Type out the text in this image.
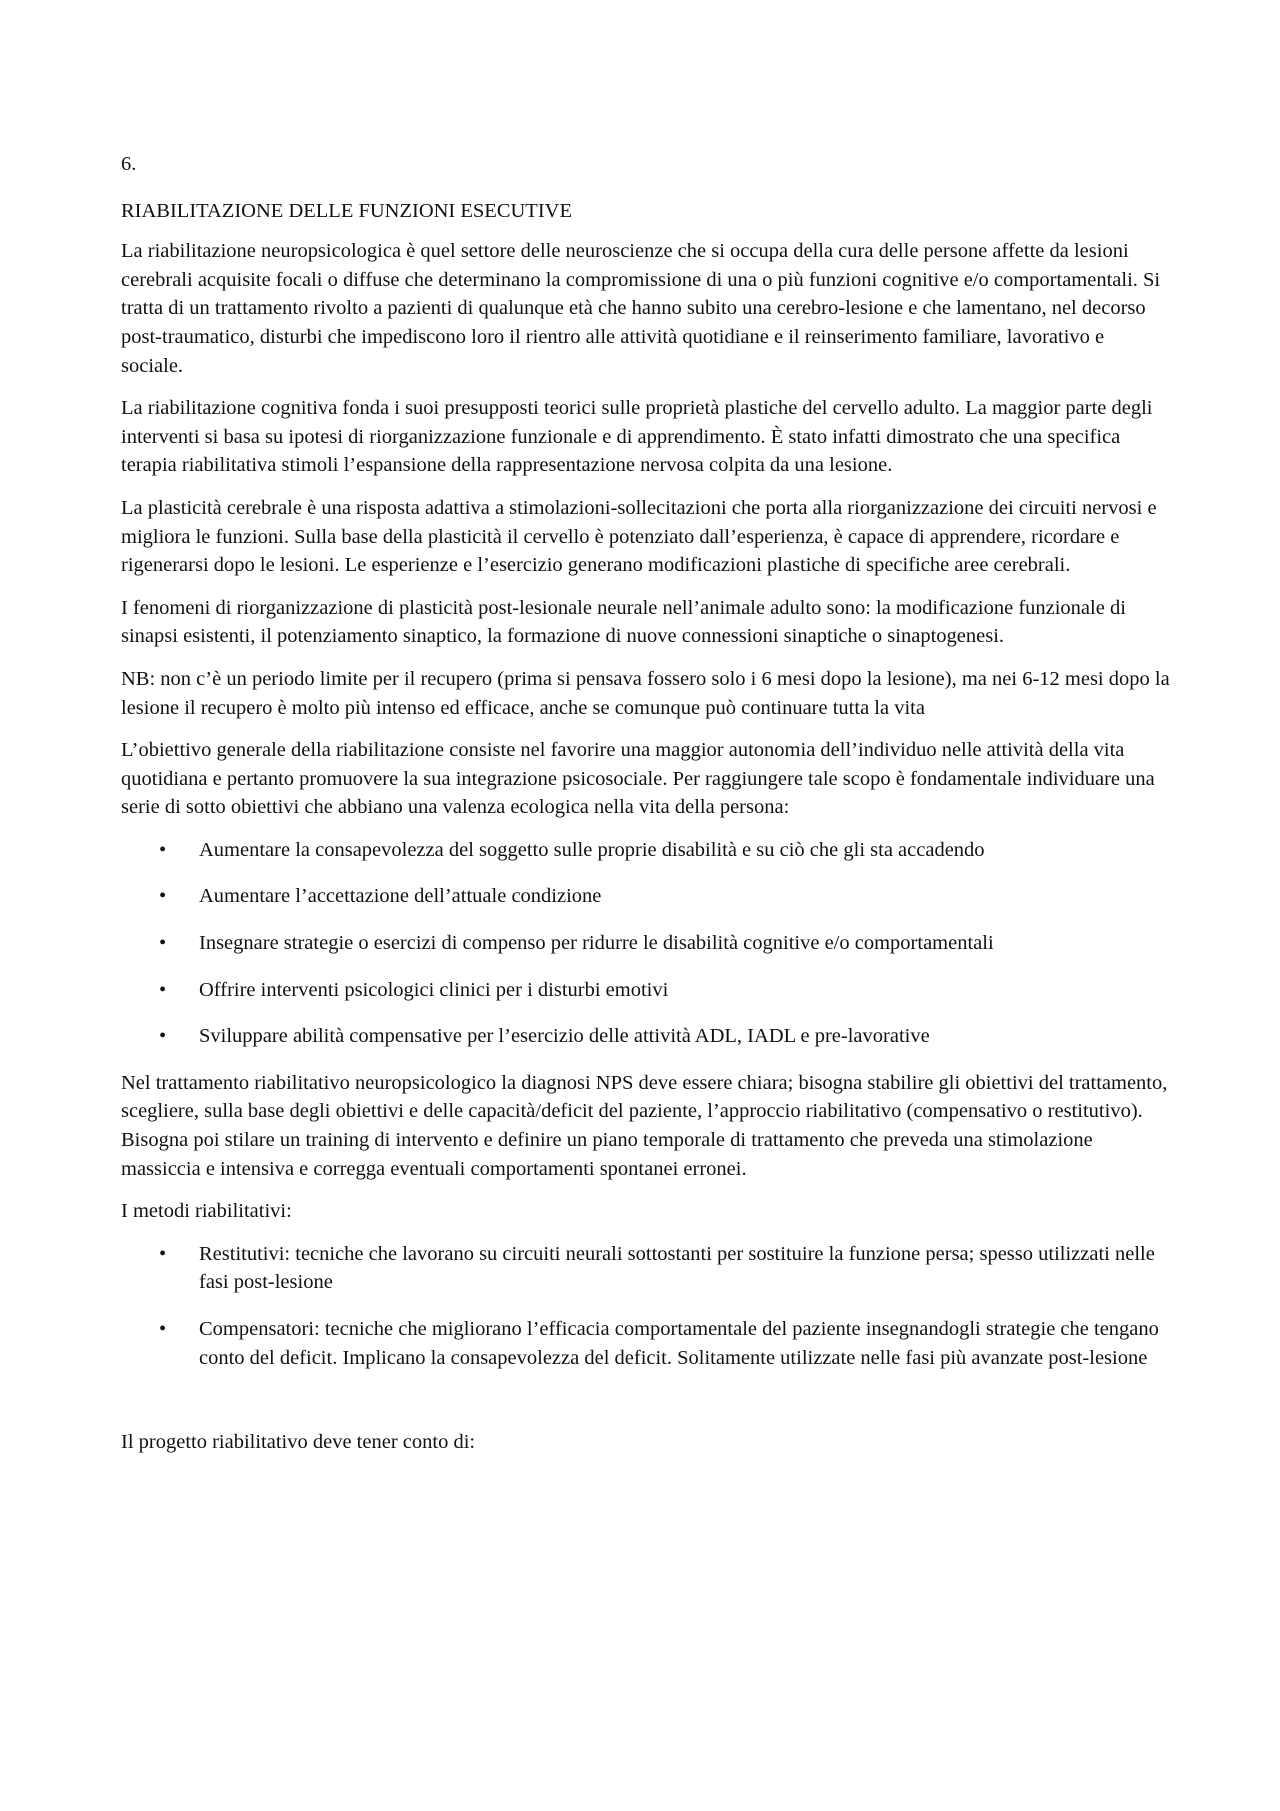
6.

RIABILITAZIONE DELLE FUNZIONI ESECUTIVE

La riabilitazione neuropsicologica è quel settore delle neuroscienze che si occupa della cura delle persone affette da lesioni cerebrali acquisite focali o diffuse che determinano la compromissione di una o più funzioni cognitive e/o comportamentali. Si tratta di un trattamento rivolto a pazienti di qualunque età che hanno subito una cerebro-lesione e che lamentano, nel decorso post-traumatico, disturbi che impediscono loro il rientro alle attività quotidiane e il reinserimento familiare, lavorativo e sociale.

La riabilitazione cognitiva fonda i suoi presupposti teorici sulle proprietà plastiche del cervello adulto. La maggior parte degli interventi si basa su ipotesi di riorganizzazione funzionale e di apprendimento. È stato infatti dimostrato che una specifica terapia riabilitativa stimoli l’espansione della rappresentazione nervosa colpita da una lesione.

La plasticità cerebrale è una risposta adattiva a stimolazioni-sollecitazioni che porta alla riorganizzazione dei circuiti nervosi e migliora le funzioni. Sulla base della plasticità il cervello è potenziato dall’esperienza, è capace di apprendere, ricordare e rigenerarsi dopo le lesioni. Le esperienze e l’esercizio generano modificazioni plastiche di specifiche aree cerebrali.

I fenomeni di riorganizzazione di plasticità post-lesionale neurale nell’animale adulto sono: la modificazione funzionale di sinapsi esistenti, il potenziamento sinaptico, la formazione di nuove connessioni sinaptiche o sinaptogenesi.

NB: non c’è un periodo limite per il recupero (prima si pensava fossero solo i 6 mesi dopo la lesione), ma nei 6-12 mesi dopo la lesione il recupero è molto più intenso ed efficace, anche se comunque può continuare tutta la vita

L’obiettivo generale della riabilitazione consiste nel favorire una maggior autonomia dell’individuo nelle attività della vita quotidiana e pertanto promuovere la sua integrazione psicosociale. Per raggiungere tale scopo è fondamentale individuare una serie di sotto obiettivi che abbiano una valenza ecologica nella vita della persona:

• Aumentare la consapevolezza del soggetto sulle proprie disabilità e su ciò che gli sta accadendo
• Aumentare l’accettazione dell’attuale condizione
• Insegnare strategie o esercizi di compenso per ridurre le disabilità cognitive e/o comportamentali
• Offrire interventi psicologici clinici per i disturbi emotivi
• Sviluppare abilità compensative per l’esercizio delle attività ADL, IADL e pre-lavorative

Nel trattamento riabilitativo neuropsicologico la diagnosi NPS deve essere chiara; bisogna stabilire gli obiettivi del trattamento, scegliere, sulla base degli obiettivi e delle capacità/deficit del paziente, l’approccio riabilitativo (compensativo o restitutivo). Bisogna poi stilare un training di intervento e definire un piano temporale di trattamento che preveda una stimolazione massiccia e intensiva e corregga eventuali comportamenti spontanei erronei.

I metodi riabilitativi:

• Restitutivi: tecniche che lavorano su circuiti neurali sottostanti per sostituire la funzione persa; spesso utilizzati nelle fasi post-lesione
• Compensatori: tecniche che migliorano l’efficacia comportamentale del paziente insegnandogli strategie che tengano conto del deficit. Implicano la consapevolezza del deficit. Solitamente utilizzate nelle fasi più avanzate post-lesione

Il progetto riabilitativo deve tener conto di:
